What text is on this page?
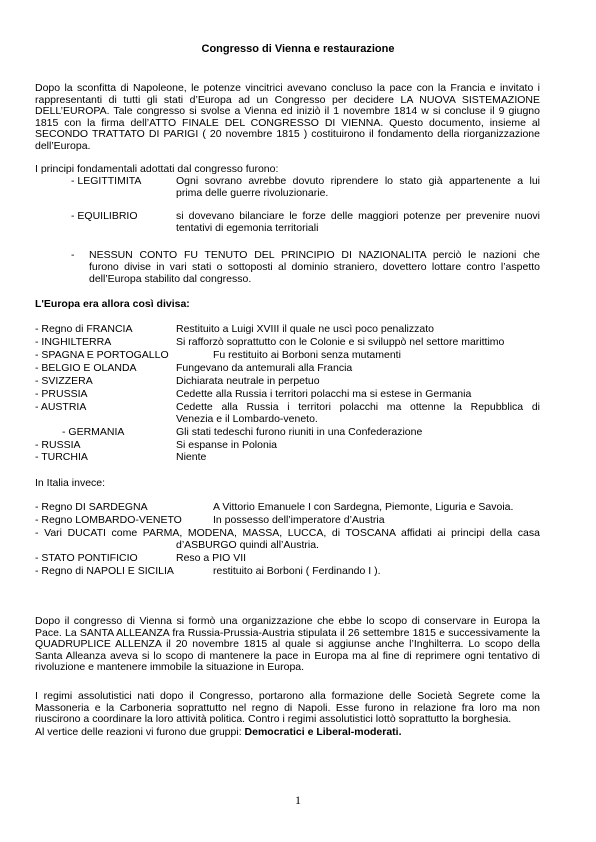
Congresso di Vienna e restaurazione
Dopo la sconfitta di Napoleone, le potenze vincitrici avevano concluso la pace con la Francia e invitato i rappresentanti di tutti gli stati d’Europa ad un Congresso per decidere LA NUOVA SISTEMAZIONE DELL’EUROPA. Tale congresso si svolse a Vienna ed iniziò il 1 novembre 1814 w si concluse il 9 giugno 1815 con la firma dell’ATTO FINALE DEL CONGRESSO DI VIENNA. Questo documento, insieme al SECONDO TRATTATO DI PARIGI ( 20 novembre 1815 ) costituirono il fondamento della riorganizzazione dell’Europa.
I principi fondamentali adottati dal congresso furono:
- LEGITTIMITA	Ogni sovrano avrebbe dovuto riprendere lo stato già appartenente a lui
prima delle guerre rivoluzionarie.
- EQUILIBRIO	si dovevano bilanciare le forze delle maggiori potenze per prevenire nuovi
tentativi di egemonia territoriali
- NESSUN CONTO FU TENUTO DEL PRINCIPIO DI NAZIONALITA perciò le nazioni che
furono divise in vari stati o sottoposti al dominio straniero, dovettero lottare contro l’aspetto
dell’Europa stabilito dal congresso.
L'Europa era allora così divisa:
- Regno di FRANCIA	Restituito a Luigi XVIII il quale ne uscì poco penalizzato
- INGHILTERRA	Si rafforzò soprattutto con le Colonie e si sviluppò nel settore marittimo
- SPAGNA E PORTOGALLO	Fu restituito ai Borboni senza mutamenti
- BELGIO E OLANDA	Fungevano da antemurali alla Francia
- SVIZZERA	Dichiarata neutrale in perpetuo
- PRUSSIA	Cedette alla Russia i territori polacchi ma si estese in Germania
- AUSTRIA	Cedette alla Russia i territori polacchi ma ottenne la Repubblica di
Venezia e il Lombardo-veneto.
- GERMANIA	Gli stati tedeschi furono riuniti in una Confederazione
- RUSSIA	Si espanse in Polonia
- TURCHIA	Niente
In Italia invece:
- Regno DI SARDEGNA	A Vittorio Emanuele I con Sardegna, Piemonte, Liguria e Savoia.
- Regno LOMBARDO-VENETO	In possesso dell’imperatore d’Austria
- Vari DUCATI come PARMA, MODENA, MASSA, LUCCA, di TOSCANA affidati ai principi della casa
d’ASBURGO quindi all’Austria.
- STATO PONTIFICIO	Reso a PIO VII
- Regno di NAPOLI E SICILIA	restituito ai Borboni ( Ferdinando I ).
Dopo il congresso di Vienna si formò una organizzazione che ebbe lo scopo di conservare in Europa la Pace. La SANTA ALLEANZA fra Russia-Prussia-Austria stipulata il 26 settembre 1815 e successivamente la QUADRUPLICE ALLENZA il 20 novembre 1815 al quale si aggiunse anche l’Inghilterra. Lo scopo della Santa Alleanza aveva si lo scopo di mantenere la pace in Europa ma al fine di reprimere ogni tentativo di rivoluzione e mantenere immobile la situazione in Europa.
I regimi assolutistici nati dopo il Congresso, portarono alla formazione delle Società Segrete come la Massoneria e la Carboneria soprattutto nel regno di Napoli. Esse furono in relazione fra loro ma non riuscirono a coordinare la loro attività politica. Contro i regimi assolutistici lottò soprattutto la borghesia.
Al vertice delle reazioni vi furono due gruppi: Democratici e Liberal-moderati.
1
